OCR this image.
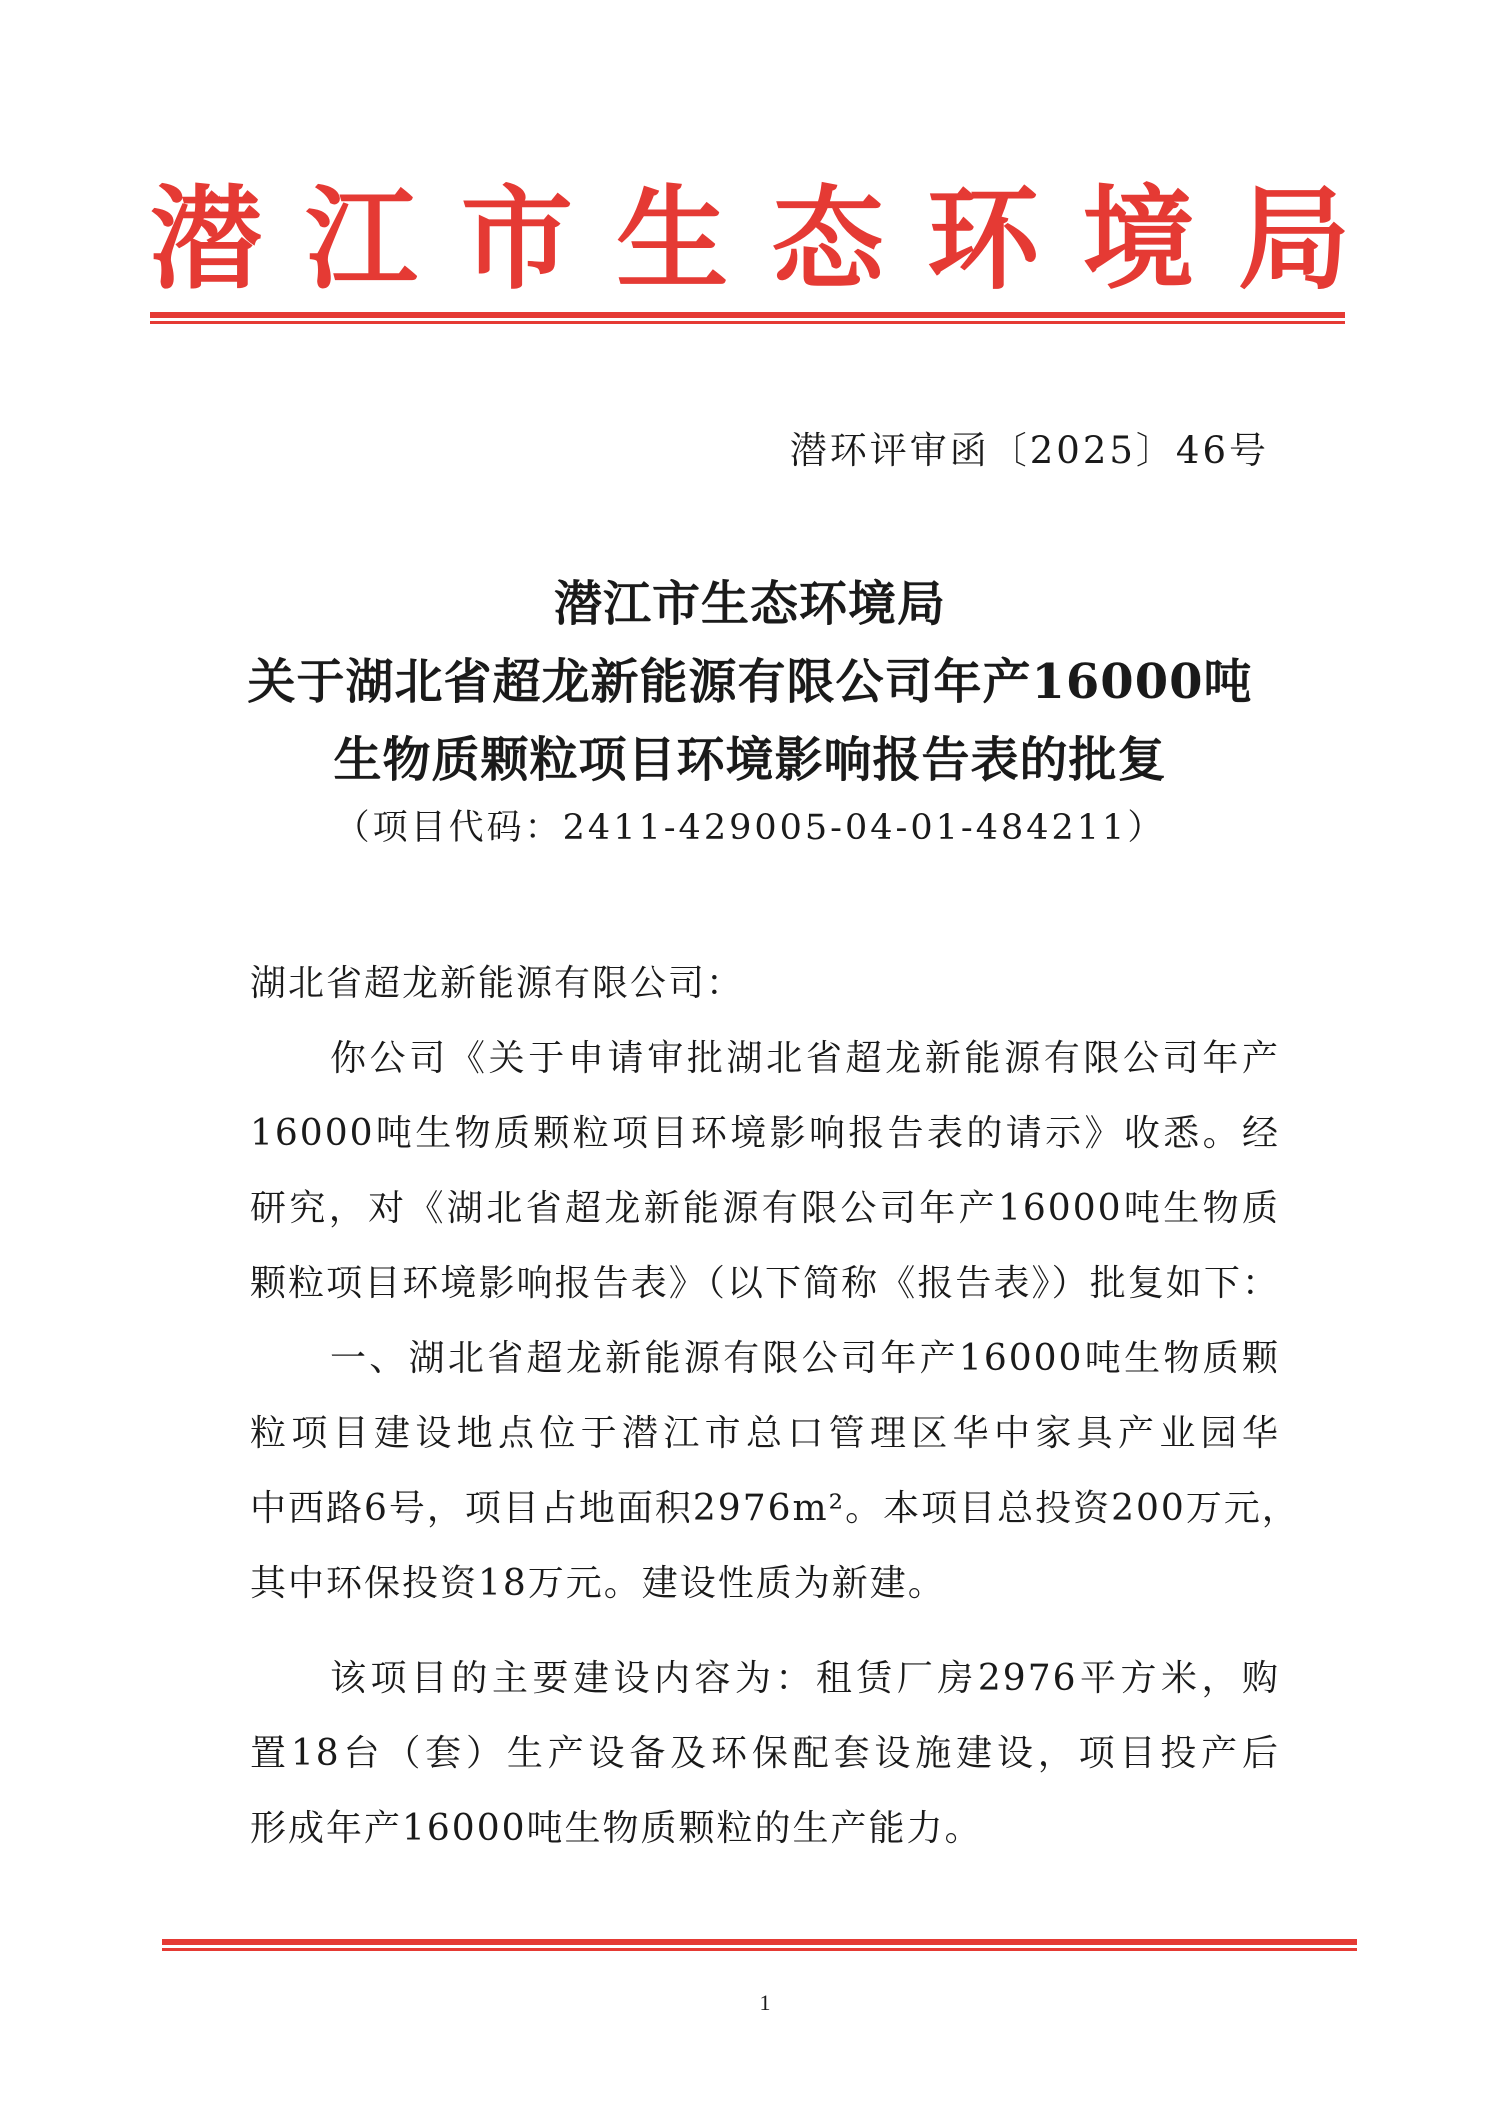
潜 江 市 生 态 环 境 局
潜环评审函〔2025〕46号
潜江市生态环境局
关于湖北省超龙新能源有限公司年产16000吨
生物质颗粒项目环境影响报告表的批复
（项目代码：2411-429005-04-01-484211）
湖北省超龙新能源有限公司：
你公司《关于申请审批湖北省超龙新能源有限公司年产
16000吨生物质颗粒项目环境影响报告表的请示》收悉。经
研究，对《湖北省超龙新能源有限公司年产16000吨生物质
颗粒项目环境影响报告表》（以下简称《报告表》）批复如下：
一、湖北省超龙新能源有限公司年产16000吨生物质颗
粒项目建设地点位于潜江市总口管理区华中家具产业园华
中西路6号，项目占地面积2976m²。本项目总投资200万元，
其中环保投资18万元。建设性质为新建。
该项目的主要建设内容为：租赁厂房2976平方米，购
置18台（套）生产设备及环保配套设施建设，项目投产后
形成年产16000吨生物质颗粒的生产能力。
1
